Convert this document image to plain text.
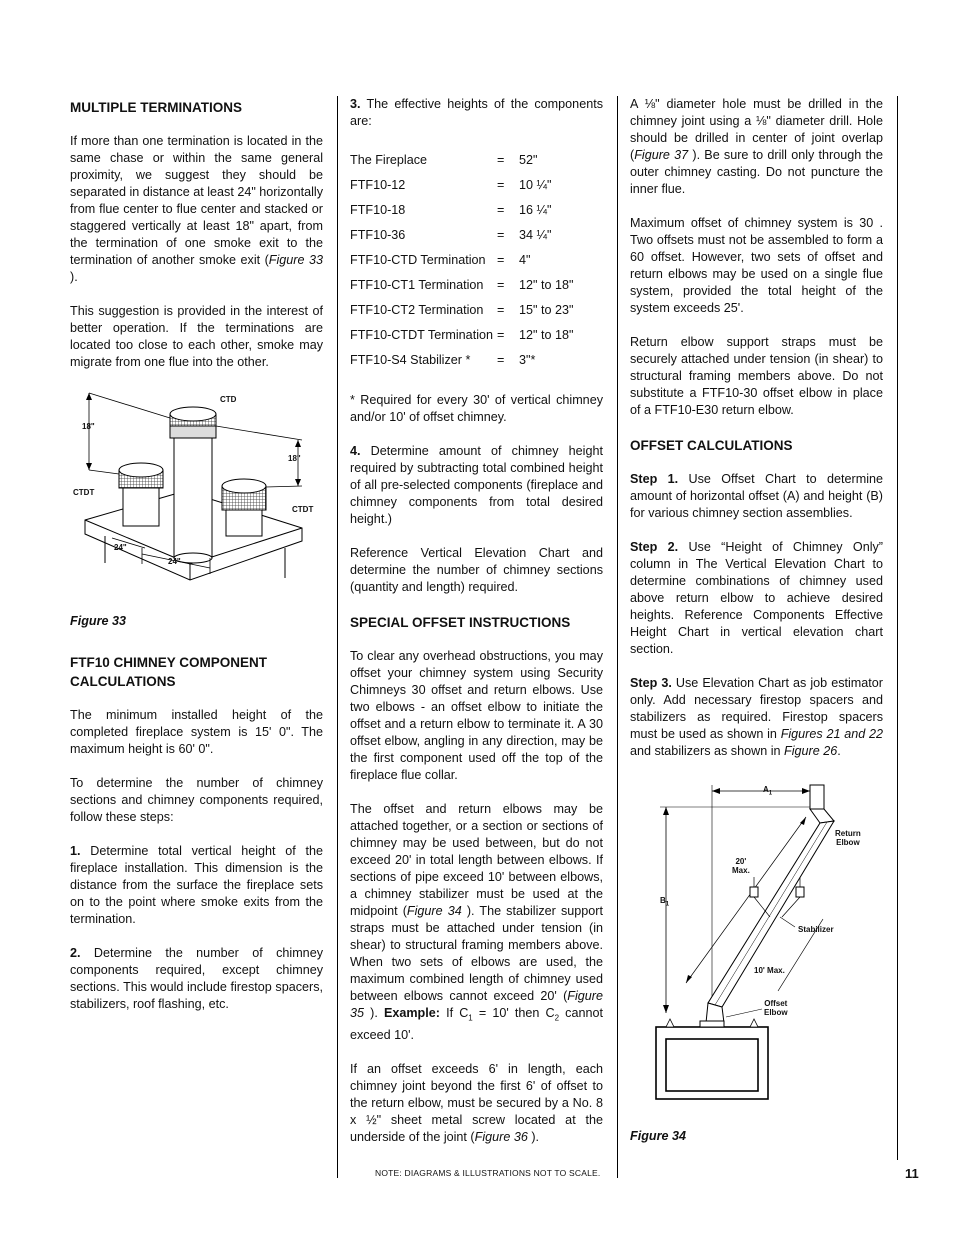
MULTIPLE TERMINATIONS

If more than one termination is located in the same chase or within the same general proximity, we suggest they should be separated in distance at least 24" horizontally from flue center to flue center and stacked or staggered vertically at least 18" apart, from the termination of one smoke exit to the termination of another smoke exit (Figure 33 ).

This suggestion is provided in the interest of better operation. If the terminations are located too close to each other, smoke may migrate from one flue into the other.

CTD
18"
18"
CTDT
CTDT
24"
24"
Figure 33
FTF10 CHIMNEY COMPONENT CALCULATIONS

The minimum installed height of the completed fireplace system is 15' 0". The maximum height is 60' 0".

To determine the number of chimney sections and chimney components required, follow these steps:

1. Determine total vertical height of the fireplace installation. This dimension is the distance from the surface the fireplace sets on to the point where smoke exits from the termination.

2. Determine the number of chimney components required, except chimney sections. This would include firestop spacers, stabilizers, roof flashing, etc.

3. The effective heights of the components are:

The Fireplace	=	52"
FTF10-12	=	10 ¼"
FTF10-18	=	16 ¼"
FTF10-36	=	34 ¼"
FTF10-CTD Termination	=	4"
FTF10-CT1 Termination	=	12" to 18"
FTF10-CT2 Termination	=	15" to 23"
FTF10-CTDT Termination	=	12" to 18"
FTF10-S4 Stabilizer *	=	3"*

* Required for every 30' of vertical chimney and/or 10' of offset chimney.

4. Determine amount of chimney height required by subtracting total combined height of all pre-selected components (fireplace and chimney components from total desired height.)

Reference Vertical Elevation Chart and determine the number of chimney sections (quantity and length) required.

SPECIAL OFFSET INSTRUCTIONS

To clear any overhead obstructions, you may offset your chimney system using Security Chimneys 30 offset and return elbows. Use two elbows - an offset elbow to initiate the offset and a return elbow to terminate it. A 30 offset elbow, angling in any direction, may be the first component used off the top of the fireplace flue collar.

The offset and return elbows may be attached together, or a section or sections of chimney may be used between, but do not exceed 20' in total length between elbows. If sections of pipe exceed 10' between elbows, a chimney stabilizer must be used at the midpoint (Figure 34 ). The stabilizer support straps must be attached under tension (in shear) to structural framing members above. When two sets of elbows are used, the maximum combined length of chimney used between elbows cannot exceed 20' (Figure 35 ). Example: If $C_1 = 10'$ then $C_2$ cannot exceed 10'.

If an offset exceeds 6' in length, each chimney joint beyond the first 6' of offset to the return elbow, must be secured by a No. 8 x ½" sheet metal screw located at the underside of the joint (Figure 36 ).

A ⅛" diameter hole must be drilled in the chimney joint using a ⅛" diameter drill. Hole should be drilled in center of joint overlap (Figure 37 ). Be sure to drill only through the outer chimney casting. Do not puncture the inner flue.

Maximum offset of chimney system is 30 . Two offsets must not be assembled to form a 60 offset. However, two sets of offset and return elbows may be used on a single flue system, provided the total height of the system exceeds 25'.

Return elbow support straps must be securely attached under tension (in shear) to structural framing members above. Do not substitute a FTF10-30 offset elbow in place of a FTF10-E30 return elbow.

OFFSET CALCULATIONS

Step 1. Use Offset Chart to determine amount of horizontal offset (A) and height (B) for various chimney section assemblies.

Step 2. Use “Height of Chimney Only” column in The Vertical Elevation Chart to determine combinations of chimney used above return elbow to achieve desired heights. Reference Components Effective Height Chart in vertical elevation chart section.

Step 3. Use Elevation Chart as job estimator only. Add necessary firestop spacers and stabilizers as required. Firestop spacers must be used as shown in Figures 21 and 22 and stabilizers as shown in Figure 26.

$A_1$
$B_1$
Return
Elbow
20'
Max.
Stabilizer
10' Max.
Offset
Elbow
Figure 34
NOTE: DIAGRAMS & ILLUSTRATIONS NOT TO SCALE.	11
